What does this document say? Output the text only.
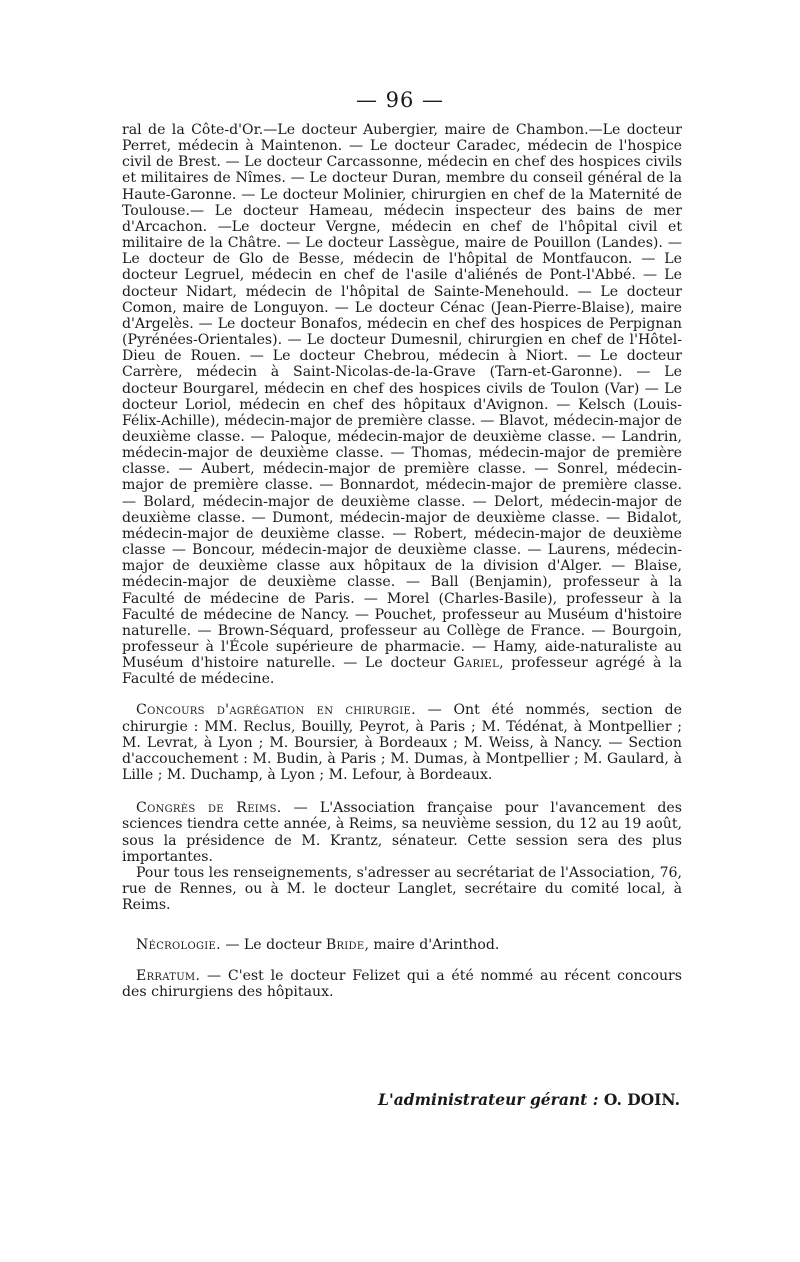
— 96 —

ral de la Côte-d'Or.—Le docteur Aubergier, maire de Chambon.—Le docteur Perret, médecin à Maintenon. — Le docteur Caradec, médecin de l'hospice civil de Brest. — Le docteur Carcassonne, médecin en chef des hospices civils et militaires de Nîmes. — Le docteur Duran, membre du conseil général de la Haute-Garonne. — Le docteur Molinier, chirurgien en chef de la Maternité de Toulouse.— Le docteur Hameau, médecin inspecteur des bains de mer d'Arcachon. —Le docteur Vergne, médecin en chef de l'hôpital civil et militaire de la Châtre. — Le docteur Lassègue, maire de Pouillon (Landes). — Le docteur de Glo de Besse, médecin de l'hôpital de Montfaucon. — Le docteur Legruel, médecin en chef de l'asile d'aliénés de Pont-l'Abbé. — Le docteur Nidart, médecin de l'hôpital de Sainte-Menehould. — Le docteur Comon, maire de Longuyon. — Le docteur Cénac (Jean-Pierre-Blaise), maire d'Argelès. — Le docteur Bonafos, médecin en chef des hospices de Perpignan (Pyrénées-Orientales). — Le docteur Dumesnil, chirurgien en chef de l'Hôtel-Dieu de Rouen. — Le docteur Chebrou, médecin à Niort. — Le docteur Carrère, médecin à Saint-Nicolas-de-la-Grave (Tarn-et-Garonne). — Le docteur Bourgarel, médecin en chef des hospices civils de Toulon (Var) — Le docteur Loriol, médecin en chef des hôpitaux d'Avignon. — Kelsch (Louis-Félix-Achille), médecin-major de première classe. — Blavot, médecin-major de deuxième classe. — Paloque, médecin-major de deuxième classe. — Landrin, médecin-major de deuxième classe. — Thomas, médecin-major de première classe. — Aubert, médecin-major de première classe. — Sonrel, médecin-major de première classe. — Bonnardot, médecin-major de première classe. — Bolard, médecin-major de deuxième classe. — Delort, médecin-major de deuxième classe. — Dumont, médecin-major de deuxième classe. — Bidalot, médecin-major de deuxième classe. — Robert, médecin-major de deuxième classe — Boncour, médecin-major de deuxième classe. — Laurens, médecin-major de deuxième classe aux hôpitaux de la division d'Alger. — Blaise, médecin-major de deuxième classe. — Ball (Benjamin), professeur à la Faculté de médecine de Paris. — Morel (Charles-Basile), professeur à la Faculté de médecine de Nancy. — Pouchet, professeur au Muséum d'histoire naturelle. — Brown-Séquard, professeur au Collège de France. — Bourgoin, professeur à l'École supérieure de pharmacie. — Hamy, aide-naturaliste au Muséum d'histoire naturelle. — Le docteur Gariel, professeur agrégé à la Faculté de médecine.

Concours d'agrégation en chirurgie. — Ont été nommés, section de chirurgie : MM. Reclus, Bouilly, Peyrot, à Paris ; M. Tédénat, à Montpellier ; M. Levrat, à Lyon ; M. Boursier, à Bordeaux ; M. Weiss, à Nancy. — Section d'accouchement : M. Budin, à Paris ; M. Dumas, à Montpellier ; M. Gaulard, à Lille ; M. Duchamp, à Lyon ; M. Lefour, à Bordeaux.

Congrès de Reims. — L'Association française pour l'avancement des sciences tiendra cette année, à Reims, sa neuvième session, du 12 au 19 août, sous la présidence de M. Krantz, sénateur. Cette session sera des plus importantes.

Pour tous les renseignements, s'adresser au secrétariat de l'Association, 76, rue de Rennes, ou à M. le docteur Langlet, secrétaire du comité local, à Reims.

Nécrologie. — Le docteur Bride, maire d'Arinthod.

Erratum. — C'est le docteur Felizet qui a été nommé au récent concours des chirurgiens des hôpitaux.

L'administrateur gérant : O. DOIN.
